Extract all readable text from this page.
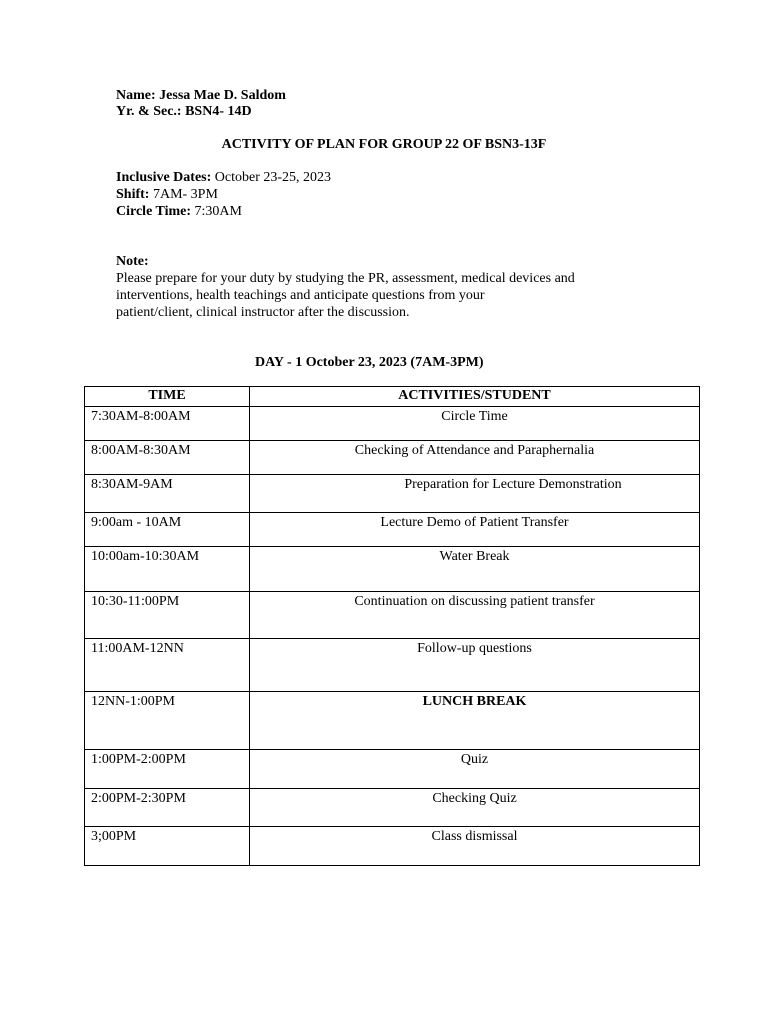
Name: Jessa Mae D. Saldom
Yr. & Sec.: BSN4- 14D
ACTIVITY OF PLAN FOR GROUP 22 OF BSN3-13F
Inclusive Dates: October 23-25, 2023
Shift: 7AM- 3PM
Circle Time: 7:30AM
Note:
Please prepare for your duty by studying the PR, assessment, medical devices and
interventions, health teachings and anticipate questions from your
patient/client, clinical instructor after the discussion.
DAY - 1 October 23, 2023 (7AM-3PM)
TIME	ACTIVITIES/STUDENT
7:30AM-8:00AM	Circle Time
8:00AM-8:30AM	Checking of Attendance and Paraphernalia
8:30AM-9AM	Preparation for Lecture Demonstration
9:00am - 10AM	Lecture Demo of Patient Transfer
10:00am-10:30AM	Water Break
10:30-11:00PM	Continuation on discussing patient transfer
11:00AM-12NN	Follow-up questions
12NN-1:00PM	LUNCH BREAK
1:00PM-2:00PM	Quiz
2:00PM-2:30PM	Checking Quiz
3;00PM	Class dismissal
